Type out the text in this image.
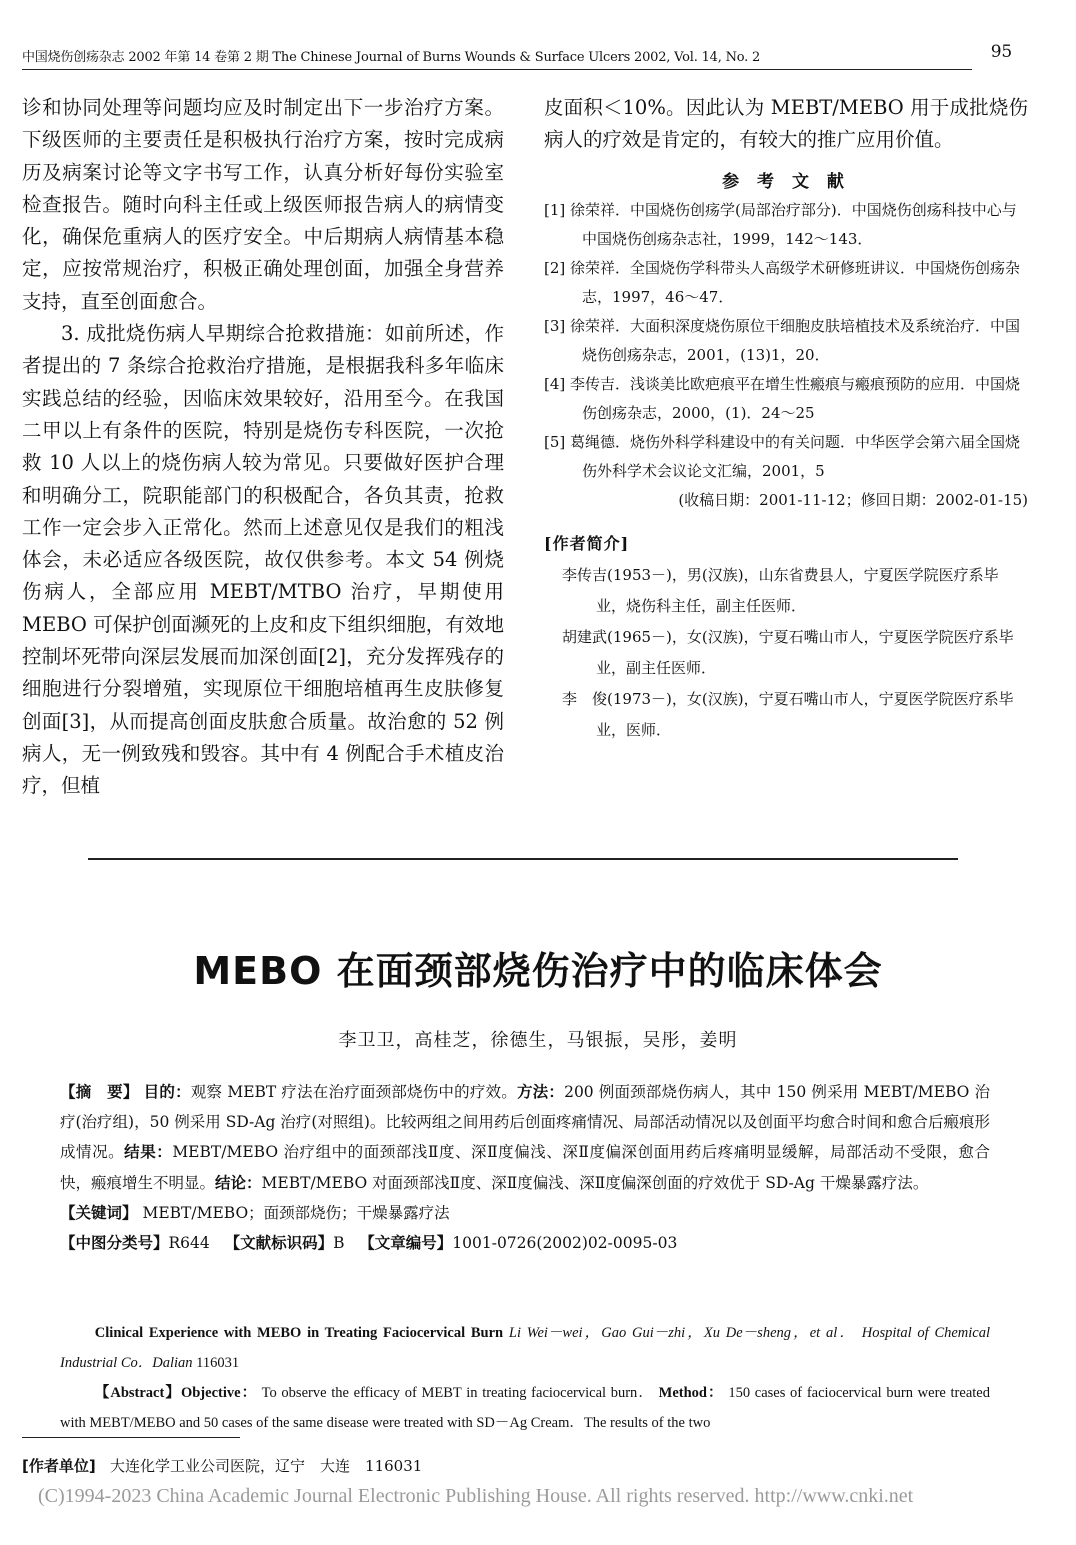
中国烧伤创疡杂志 2002 年第 14 卷第 2 期 The Chinese Journal of Burns Wounds & Surface Ulcers 2002, Vol. 14, No. 2	95

诊和协同处理等问题均应及时制定出下一步治疗方案。下级医师的主要责任是积极执行治疗方案，按时完成病历及病案讨论等文字书写工作，认真分析好每份实验室检查报告。随时向科主任或上级医师报告病人的病情变化，确保危重病人的医疗安全。中后期病人病情基本稳定，应按常规治疗，积极正确处理创面，加强全身营养支持，直至创面愈合。

3. 成批烧伤病人早期综合抢救措施：如前所述，作者提出的 7 条综合抢救治疗措施，是根据我科多年临床实践总结的经验，因临床效果较好，沿用至今。在我国二甲以上有条件的医院，特别是烧伤专科医院，一次抢救 10 人以上的烧伤病人较为常见。只要做好医护合理和明确分工，院职能部门的积极配合，各负其责，抢救工作一定会步入正常化。然而上述意见仅是我们的粗浅体会，未必适应各级医院，故仅供参考。本文 54 例烧伤病人，全部应用 MEBT/MTBO 治疗，早期使用 MEBO 可保护创面濒死的上皮和皮下组织细胞，有效地控制坏死带向深层发展而加深创面[2]，充分发挥残存的细胞进行分裂增殖，实现原位干细胞培植再生皮肤修复创面[3]，从而提高创面皮肤愈合质量。故治愈的 52 例病人，无一例致残和毁容。其中有 4 例配合手术植皮治疗，但植

皮面积＜10%。因此认为 MEBT/MEBO 用于成批烧伤病人的疗效是肯定的，有较大的推广应用价值。
参 考 文 献

[1] 徐荣祥．中国烧伤创疡学(局部治疗部分)．中国烧伤创疡科技中心与中国烧伤创疡杂志社，1999，142～143．

[2] 徐荣祥．全国烧伤学科带头人高级学术研修班讲议．中国烧伤创疡杂志，1997，46～47．

[3] 徐荣祥．大面积深度烧伤原位干细胞皮肤培植技术及系统治疗．中国烧伤创疡杂志，2001，(13)1，20．

[4] 李传吉．浅谈美比欧疤痕平在增生性瘢痕与瘢痕预防的应用．中国烧伤创疡杂志，2000，(1)．24～25

[5] 葛绳德．烧伤外科学科建设中的有关问题．中华医学会第六届全国烧伤外科学术会议论文汇编，2001，5

(收稿日期：2001-11-12；修回日期：2002-01-15)

[作者简介]

李传吉(1953－)，男(汉族)，山东省费县人，宁夏医学院医疗系毕业，烧伤科主任，副主任医师．

胡建武(1965－)，女(汉族)，宁夏石嘴山市人，宁夏医学院医疗系毕业，副主任医师．

李　俊(1973－)，女(汉族)，宁夏石嘴山市人，宁夏医学院医疗系毕业，医师．

MEBO 在面颈部烧伤治疗中的临床体会
李卫卫，高桂芝，徐德生，马银振，吴彤，姜明

【摘　要】 目的：观察 MEBT 疗法在治疗面颈部烧伤中的疗效。方法：200 例面颈部烧伤病人，其中 150 例采用 MEBT/MEBO 治疗(治疗组)，50 例采用 SD-Ag 治疗(对照组)。比较两组之间用药后创面疼痛情况、局部活动情况以及创面平均愈合时间和愈合后瘢痕形成情况。结果：MEBT/MEBO 治疗组中的面颈部浅Ⅱ度、深Ⅱ度偏浅、深Ⅱ度偏深创面用药后疼痛明显缓解，局部活动不受限，愈合快，瘢痕增生不明显。结论：MEBT/MEBO 对面颈部浅Ⅱ度、深Ⅱ度偏浅、深Ⅱ度偏深创面的疗效优于 SD-Ag 干燥暴露疗法。

【关键词】 MEBT/MEBO；面颈部烧伤；干燥暴露疗法

【中图分类号】R644 【文献标识码】B 【文章编号】1001-0726(2002)02-0095-03

Clinical Experience with MEBO in Treating Faciocervical Burn Li Wei－wei，Gao Gui－zhi，Xu De－sheng，et al． Hospital of Chemical Industrial Co．Dalian 116031

【Abstract】Objective： To observe the efficacy of MEBT in treating faciocervical burn． Method： 150 cases of faciocervical burn were treated with MEBT/MEBO and 50 cases of the same disease were treated with SD－Ag Cream．The results of the two

[作者单位] 大连化学工业公司医院，辽宁　大连　116031
(C)1994-2023 China Academic Journal Electronic Publishing House. All rights reserved. http://www.cnki.net
